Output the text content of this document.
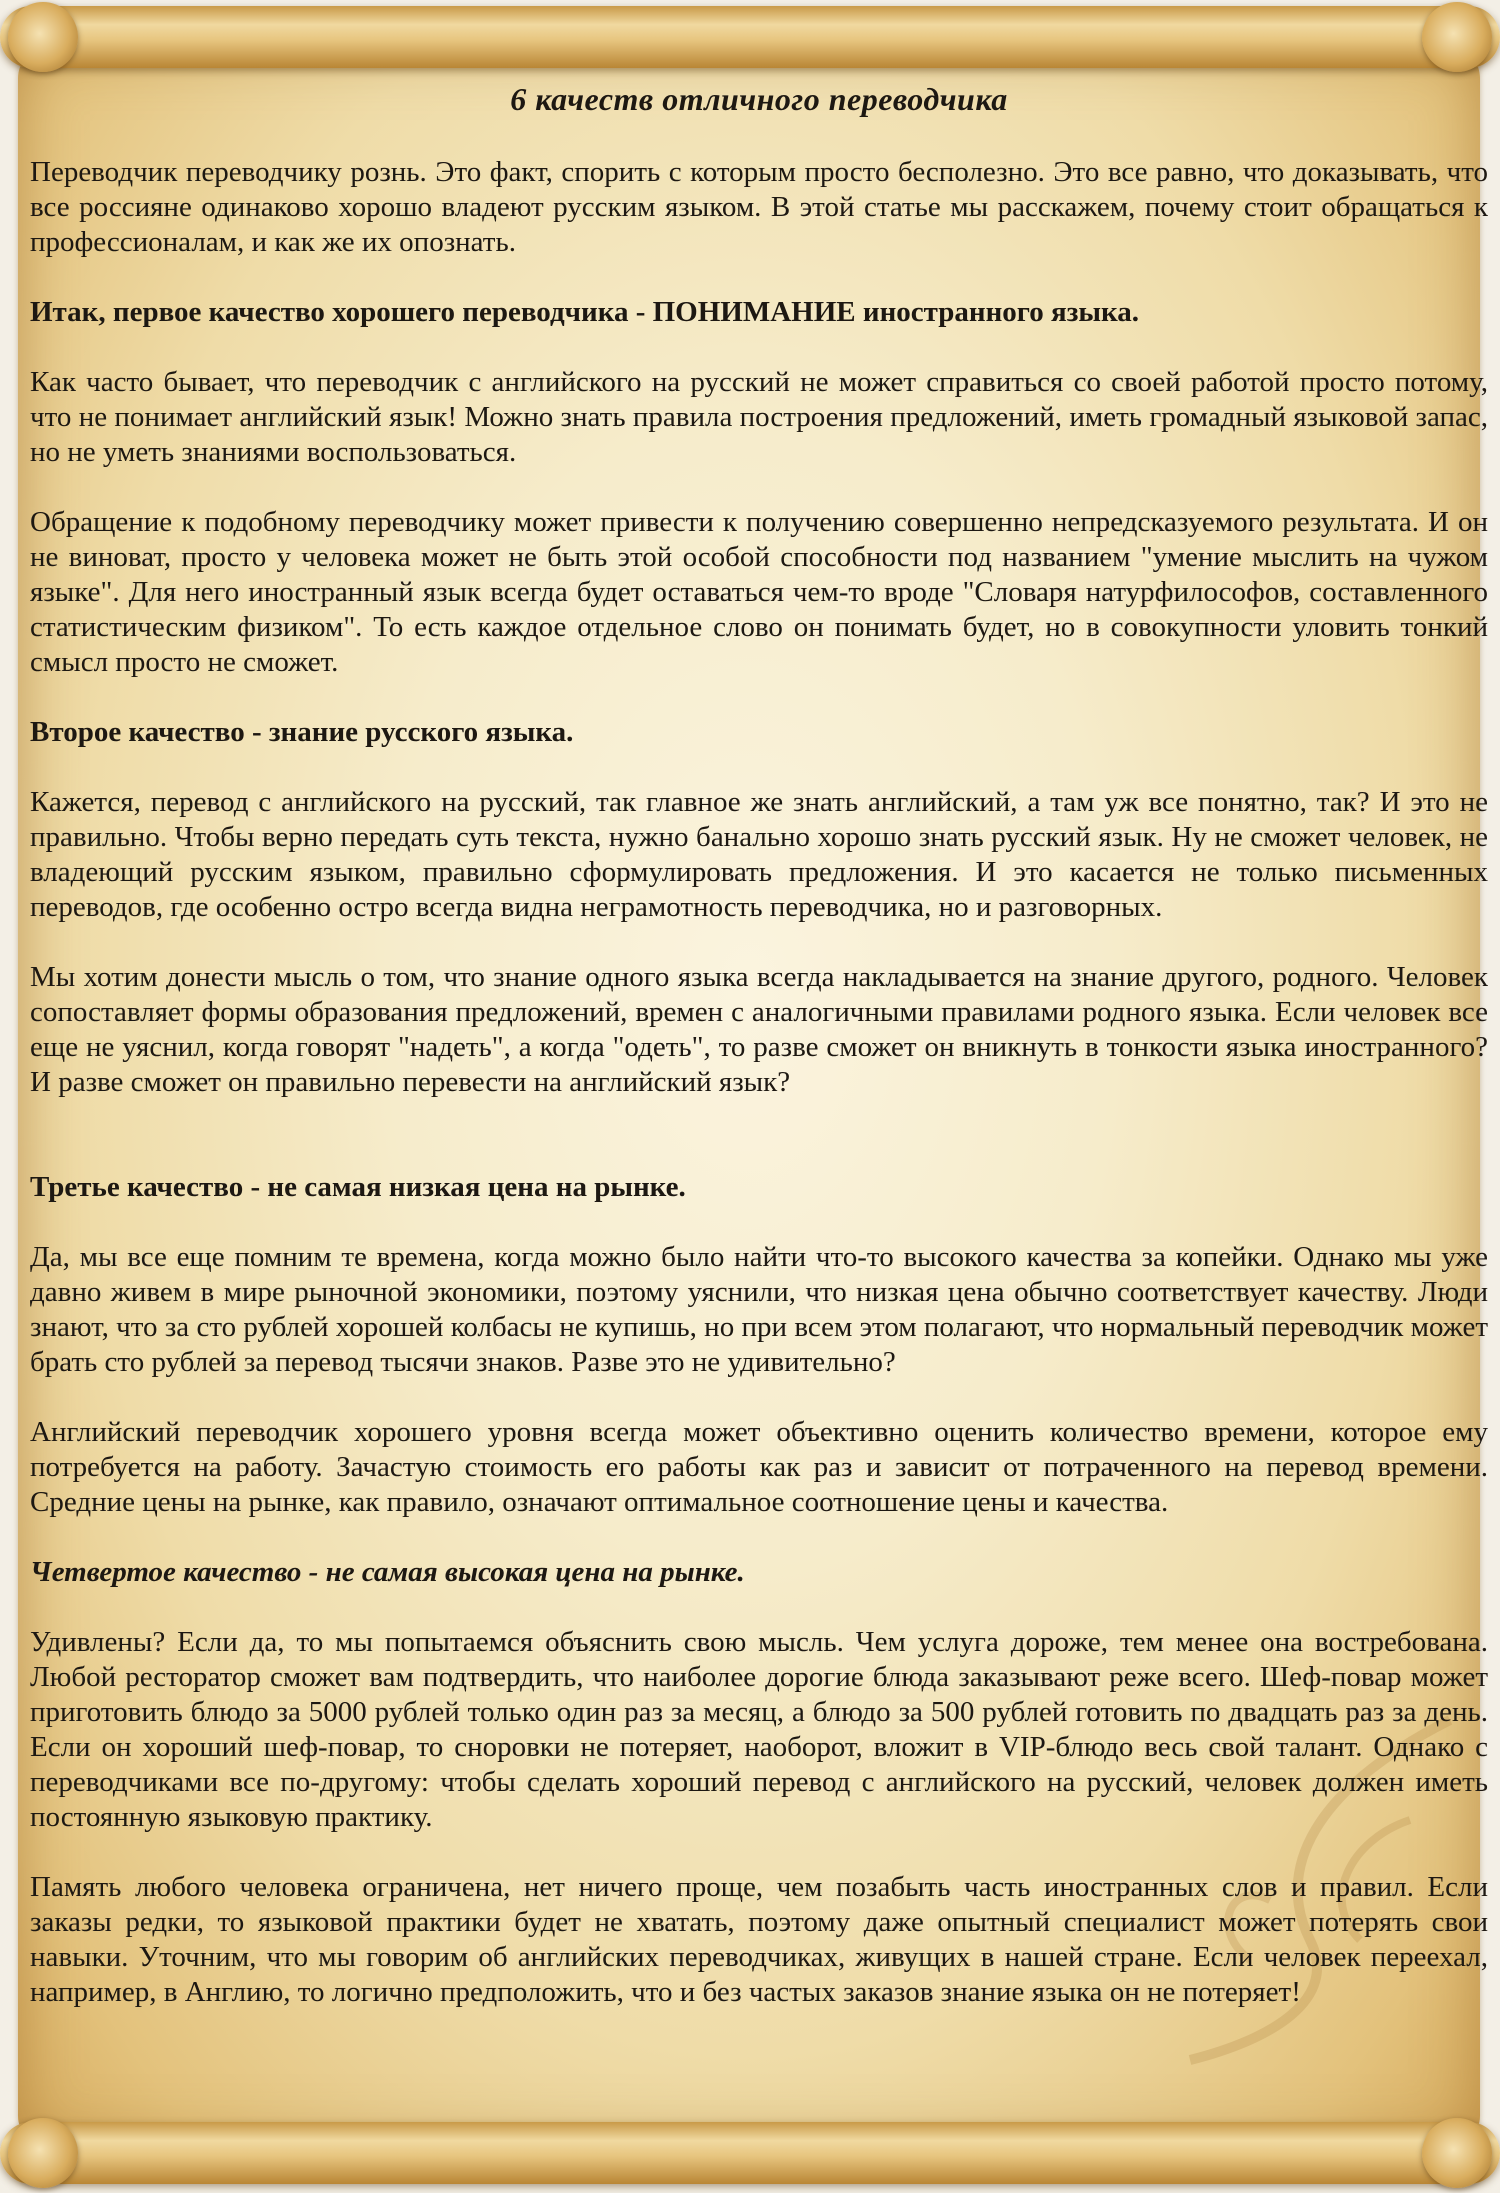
6 качеств отличного переводчика

Переводчик переводчику рознь. Это факт, спорить с которым просто бесполезно. Это все равно, что доказывать, что все россияне одинаково хорошо владеют русским языком. В этой статье мы расскажем, почему стоит обращаться к профессионалам, и как же их опознать.

Итак, первое качество хорошего переводчика - ПОНИМАНИЕ иностранного языка.

Как часто бывает, что переводчик с английского на русский не может справиться со своей работой просто потому, что не понимает английский язык! Можно знать правила построения предложений, иметь громадный языковой запас, но не уметь знаниями воспользоваться.

Обращение к подобному переводчику может привести к получению совершенно непредсказуемого результата. И он не виноват, просто у человека может не быть этой особой способности под названием "умение мыслить на чужом языке". Для него иностранный язык всегда будет оставаться чем-то вроде "Словаря натурфилософов, составленного статистическим физиком". То есть каждое отдельное слово он понимать будет, но в совокупности уловить тонкий смысл просто не сможет.

Второе качество - знание русского языка.

Кажется, перевод с английского на русский, так главное же знать английский, а там уж все понятно, так? И это не правильно. Чтобы верно передать суть текста, нужно банально хорошо знать русский язык. Ну не сможет человек, не владеющий русским языком, правильно сформулировать предложения. И это касается не только письменных переводов, где особенно остро всегда видна неграмотность переводчика, но и разговорных.

Мы хотим донести мысль о том, что знание одного языка всегда накладывается на знание другого, родного. Человек сопоставляет формы образования предложений, времен с аналогичными правилами родного языка. Если человек все еще не уяснил, когда говорят "надеть", а когда "одеть", то разве сможет он вникнуть в тонкости языка иностранного? И разве сможет он правильно перевести на английский язык?

Третье качество - не самая низкая цена на рынке.

Да, мы все еще помним те времена, когда можно было найти что-то высокого качества за копейки. Однако мы уже давно живем в мире рыночной экономики, поэтому уяснили, что низкая цена обычно соответствует качеству. Люди знают, что за сто рублей хорошей колбасы не купишь, но при всем этом полагают, что нормальный переводчик может брать сто рублей за перевод тысячи знаков. Разве это не удивительно?

Английский переводчик хорошего уровня всегда может объективно оценить количество времени, которое ему потребуется на работу. Зачастую стоимость его работы как раз и зависит от потраченного на перевод времени. Средние цены на рынке, как правило, означают оптимальное соотношение цены и качества.

Четвертое качество - не самая высокая цена на рынке.

Удивлены? Если да, то мы попытаемся объяснить свою мысль. Чем услуга дороже, тем менее она востребована. Любой ресторатор сможет вам подтвердить, что наиболее дорогие блюда заказывают реже всего. Шеф-повар может приготовить блюдо за 5000 рублей только один раз за месяц, а блюдо за 500 рублей готовить по двадцать раз за день. Если он хороший шеф-повар, то сноровки не потеряет, наоборот, вложит в VIP-блюдо весь свой талант. Однако с переводчиками все по-другому: чтобы сделать хороший перевод с английского на русский, человек должен иметь постоянную языковую практику.

Память любого человека ограничена, нет ничего проще, чем позабыть часть иностранных слов и правил. Если заказы редки, то языковой практики будет не хватать, поэтому даже опытный специалист может потерять свои навыки. Уточним, что мы говорим об английских переводчиках, живущих в нашей стране. Если человек переехал, например, в Англию, то логично предположить, что и без частых заказов знание языка он не потеряет!
